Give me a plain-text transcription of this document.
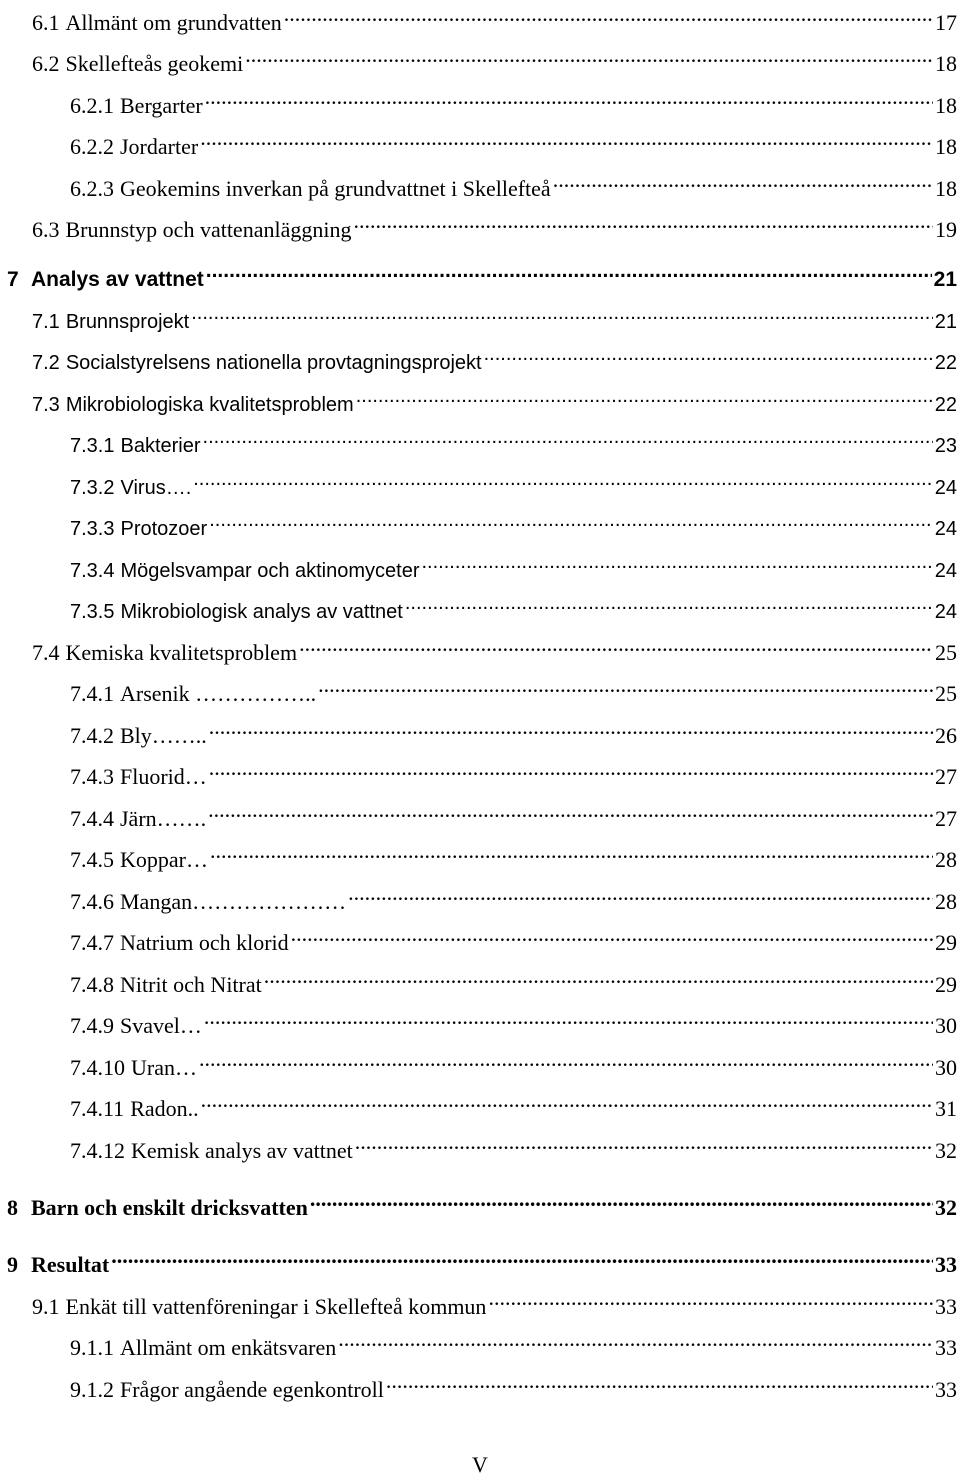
6.1 Allmänt om grundvatten .....	17
6.2 Skellefteås geokemi .....	18
6.2.1 Bergarter .....	18
6.2.2 Jordarter .....	18
6.2.3 Geokemins inverkan på grundvattnet i Skellefteå .....	18
6.3 Brunnstyp och vattenanläggning .....	19
7 Analys av vattnet .....	21
7.1 Brunnsprojekt .....	21
7.2 Socialstyrelsens nationella provtagningsprojekt .....	22
7.3 Mikrobiologiska kvalitetsproblem .....	22
7.3.1 Bakterier .....	23
7.3.2 Virus…. .....	24
7.3.3 Protozoer .....	24
7.3.4 Mögelsvampar och aktinomyceter .....	24
7.3.5 Mikrobiologisk analys av vattnet .....	24
7.4 Kemiska kvalitetsproblem .....	25
7.4.1 Arsenik …………….. .....	25
7.4.2 Bly…….. .....	26
7.4.3 Fluorid… .....	27
7.4.4 Järn……. .....	27
7.4.5 Koppar… .....	28
7.4.6 Mangan………………… .....	28
7.4.7 Natrium och klorid .....	29
7.4.8 Nitrit och Nitrat .....	29
7.4.9 Svavel… .....	30
7.4.10 Uran… .....	30
7.4.11 Radon.. .....	31
7.4.12 Kemisk analys av vattnet .....	32
8 Barn och enskilt dricksvatten .....	32
9 Resultat .....	33
9.1 Enkät till vattenföreningar i Skellefteå kommun .....	33
9.1.1 Allmänt om enkätsvaren .....	33
9.1.2 Frågor angående egenkontroll .....	33
V
